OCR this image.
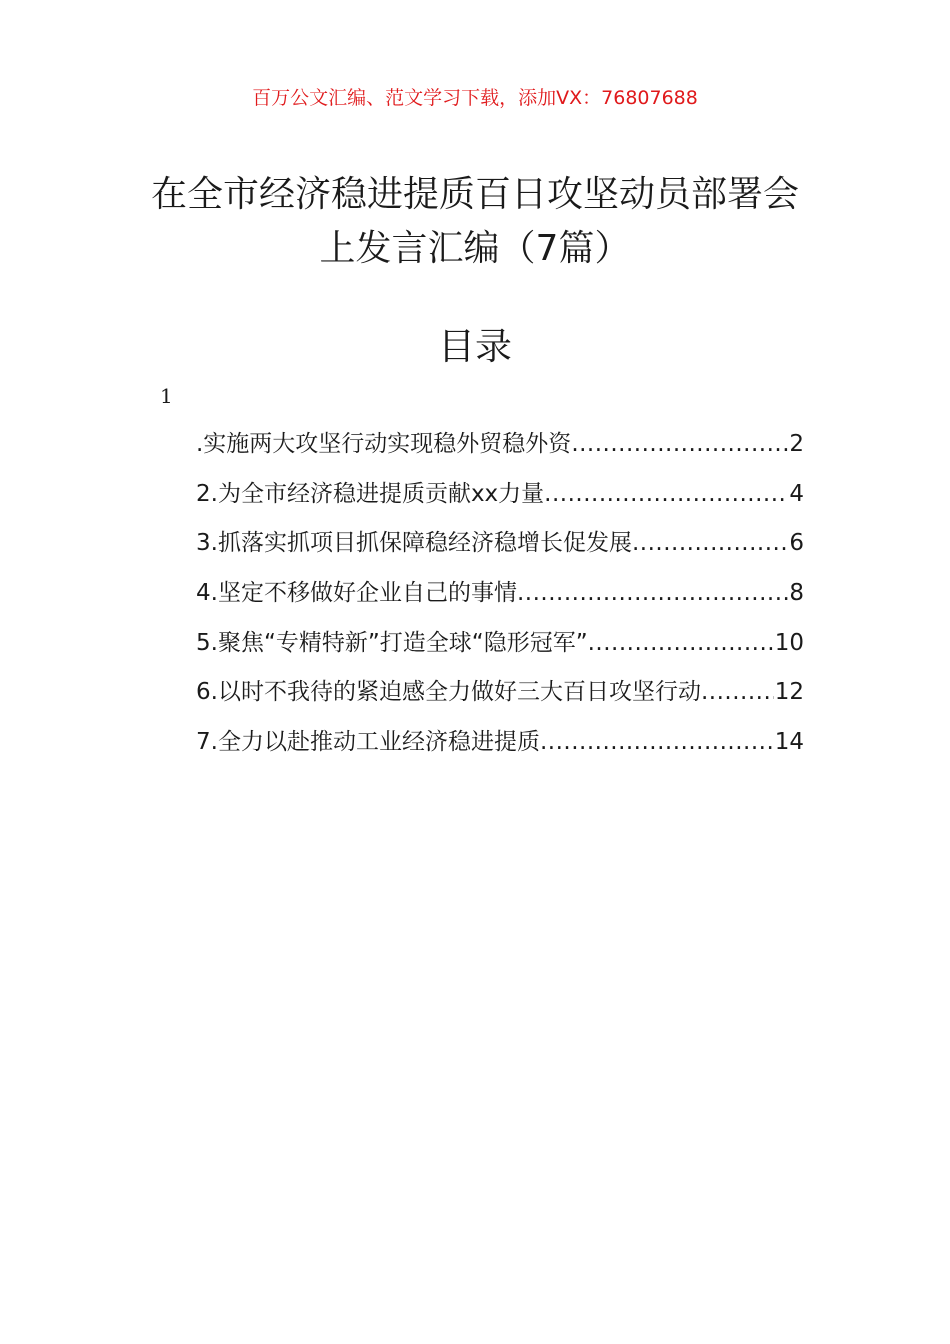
百万公文汇编、范文学习下载，添加VX：76807688
在全市经济稳进提质百日攻坚动员部署会
上发言汇编（7篇）
目录
1
.实施两大攻坚行动实现稳外贸稳外资 .....	2
2.为全市经济稳进提质贡献xx力量 .....	4
3.抓落实抓项目抓保障稳经济稳增长促发展 .....	6
4.坚定不移做好企业自己的事情 .....	8
5.聚焦“专精特新”打造全球“隐形冠军” .....	10
6.以时不我待的紧迫感全力做好三大百日攻坚行动 .....	12
7.全力以赴推动工业经济稳进提质 .....	14
